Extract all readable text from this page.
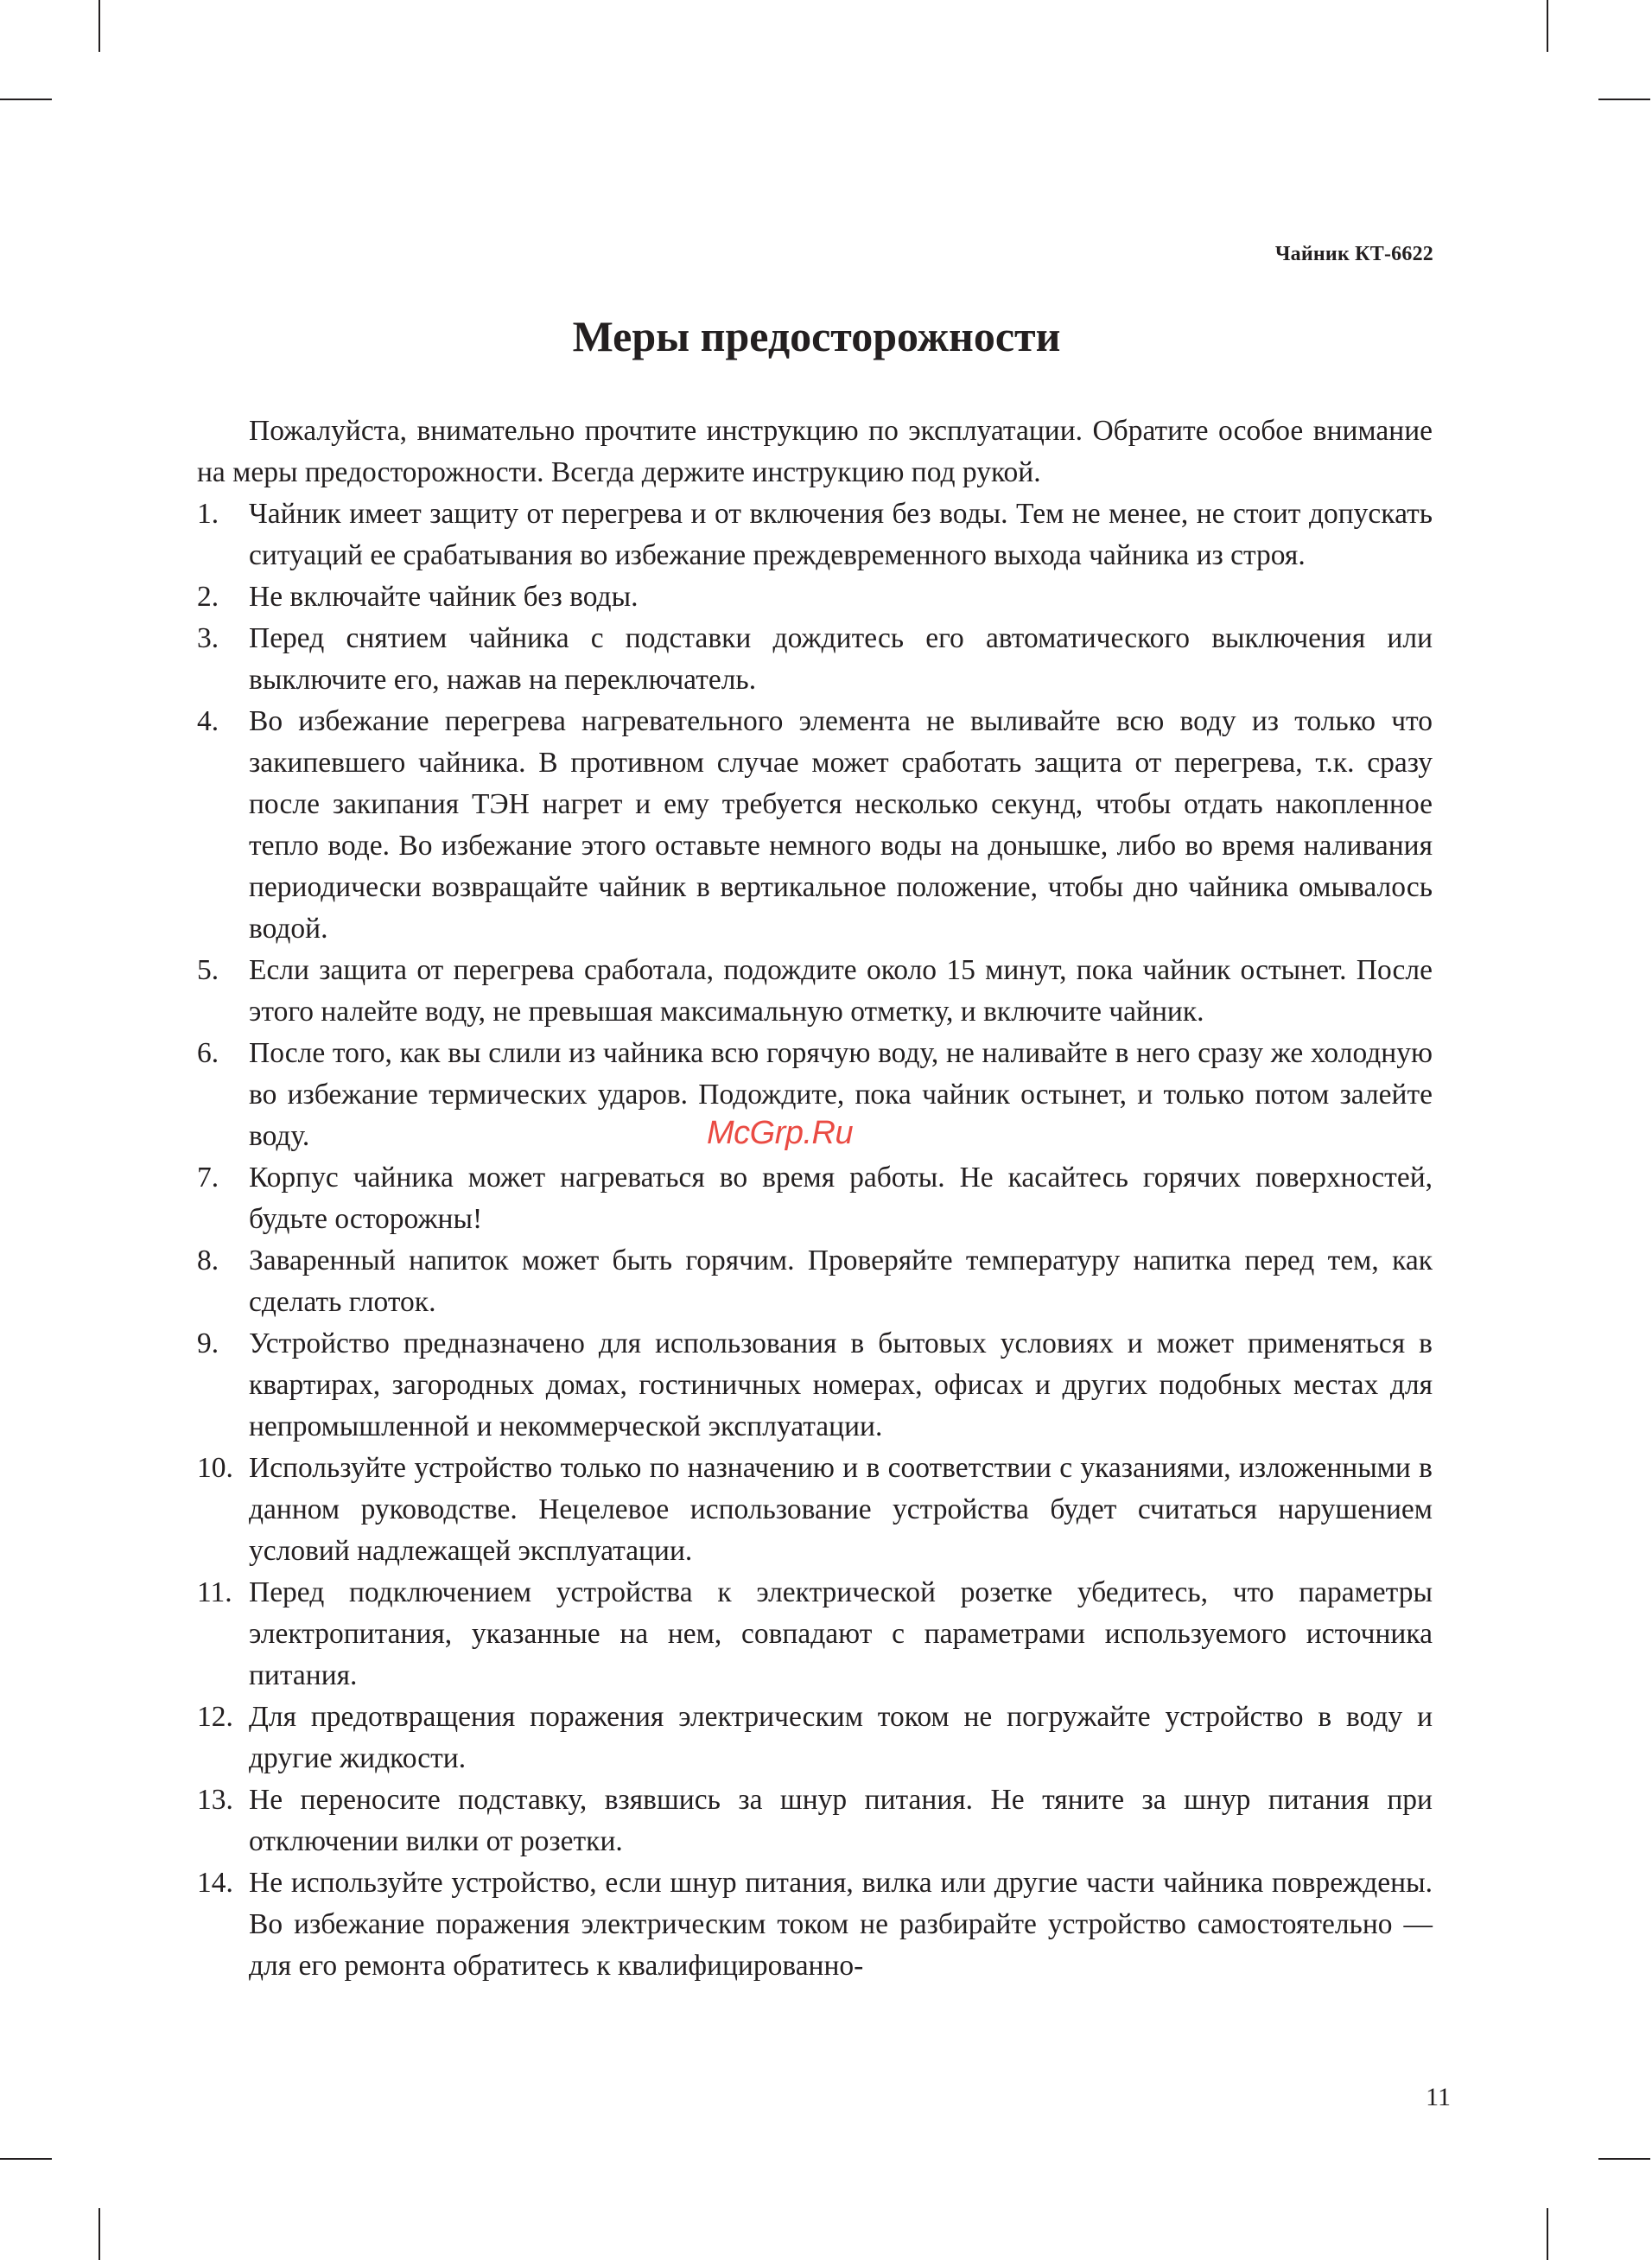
Чайник КТ-6622
Меры предосторожности

Пожалуйста, внимательно прочтите инструкцию по эксплуатации. Обратите особое внимание на меры предосторожности. Всегда держите инструкцию под рукой.

1.	Чайник имеет защиту от перегрева и от включения без воды. Тем не менее, не стоит допускать ситуаций ее срабатывания во избежание преждевременного выхода чайника из строя.
2.	Не включайте чайник без воды.
3.	Перед снятием чайника с подставки дождитесь его автоматического выключения или выключите его, нажав на переключатель.
4.	Во избежание перегрева нагревательного элемента не выливайте всю воду из только что закипевшего чайника. В противном случае может сработать защита от перегрева, т.к. сразу после закипания ТЭН нагрет и ему требуется несколько секунд, чтобы отдать накопленное тепло воде. Во избежание этого оставьте немного воды на донышке, либо во время наливания периодически возвращайте чайник в вертикальное положение, чтобы дно чайника омывалось водой.
5.	Если защита от перегрева сработала, подождите около 15 минут, пока чайник остынет. После этого налейте воду, не превышая максимальную отметку, и включите чайник.
6.	После того, как вы слили из чайника всю горячую воду, не наливайте в него сразу же холодную во избежание термических ударов. Подождите, пока чайник остынет, и только потом залейте воду.
7.	Корпус чайника может нагреваться во время работы. Не касайтесь горячих поверхностей, будьте осторожны!
8.	Заваренный напиток может быть горячим. Проверяйте температуру напитка перед тем, как сделать глоток.
9.	Устройство предназначено для использования в бытовых условиях и может применяться в квартирах, загородных домах, гостиничных номерах, офисах и других подобных местах для непромышленной и некоммерческой эксплуатации.
10. Используйте устройство только по назначению и в соответствии с указаниями, изложенными в данном руководстве. Нецелевое использование устройства будет считаться нарушением условий надлежащей эксплуатации.
11. Перед подключением устройства к электрической розетке убедитесь, что параметры электропитания, указанные на нем, совпадают с параметрами используемого источника питания.
12. Для предотвращения поражения электрическим током не погружайте устройство в воду и другие жидкости.
13. Не переносите подставку, взявшись за шнур питания. Не тяните за шнур питания при отключении вилки от розетки.
14. Не используйте устройство, если шнур питания, вилка или другие части чайника повреждены. Во избежание поражения электрическим током не разбирайте устройство самостоятельно — для его ремонта обратитесь к квалифицированно-
McGrp.Ru
11
